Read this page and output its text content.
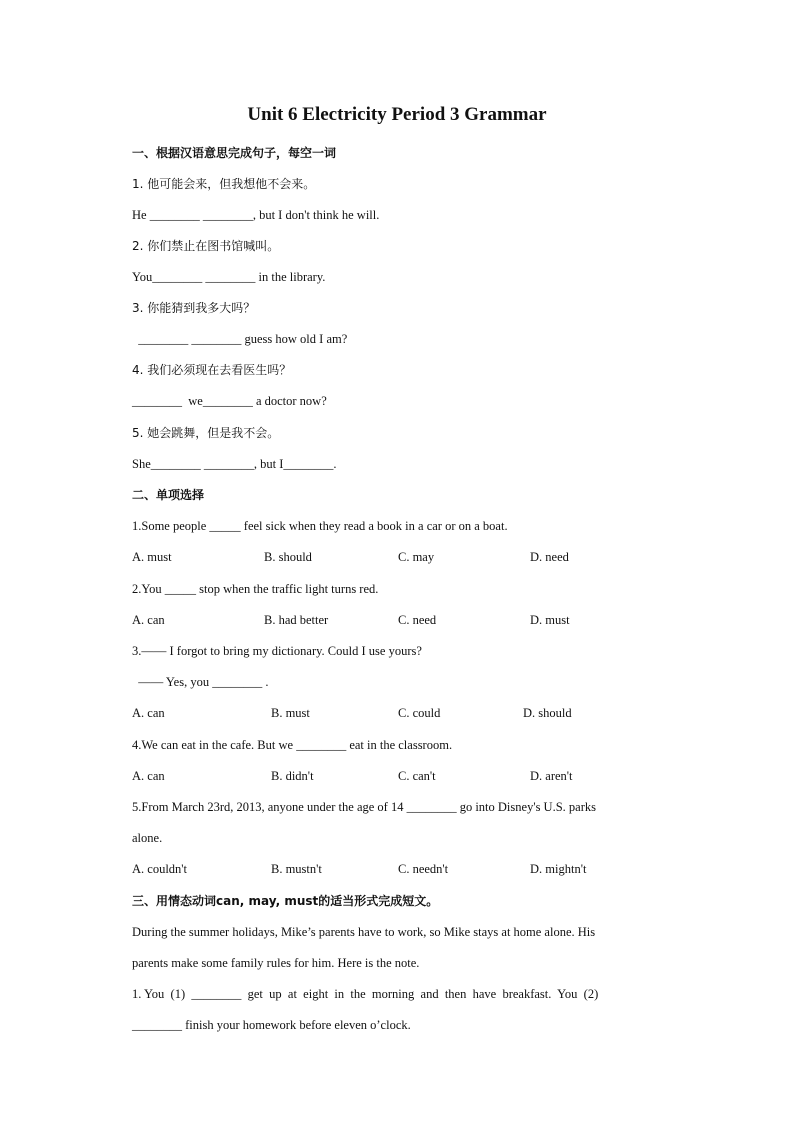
Unit 6 Electricity Period 3 Grammar
一、根据汉语意思完成句子，每空一词
1. 他可能会来，但我想他不会来。
He ________ ________, but I don't think he will.
2. 你们禁止在图书馆喊叫。
You________ ________ in the library.
3. 你能猜到我多大吗？
________ ________ guess how old I am?
4. 我们必须现在去看医生吗？
________  we________ a doctor now?
5. 她会跳舞，但是我不会。
She________ ________, but I________.
二、单项选择
1.Some people _____ feel sick when they read a book in a car or on a boat.
A. must	B. should	C. may	D. need
2.You _____ stop when the traffic light turns red.
A. can	B. had better	C. need	D. must
3.—— I forgot to bring my dictionary. Could I use yours?
—— Yes, you ________ .
A. can	B. must	C. could	D. should
4.We can eat in the cafe. But we ________ eat in the classroom.
A. can	B. didn't	C. can't	D. aren't
5.From March 23rd, 2013, anyone under the age of 14 ________ go into Disney's U.S. parks
alone.
A. couldn't	B. mustn't	C. needn't	D. mightn't
三、用情态动词can, may, must的适当形式完成短文。
During the summer holidays, Mike’s parents have to work, so Mike stays at home alone. His
parents make some family rules for him. Here is the note.
1. You  (1)  ________  get  up  at  eight  in  the  morning  and  then  have  breakfast.  You  (2)
________ finish your homework before eleven o’clock.
